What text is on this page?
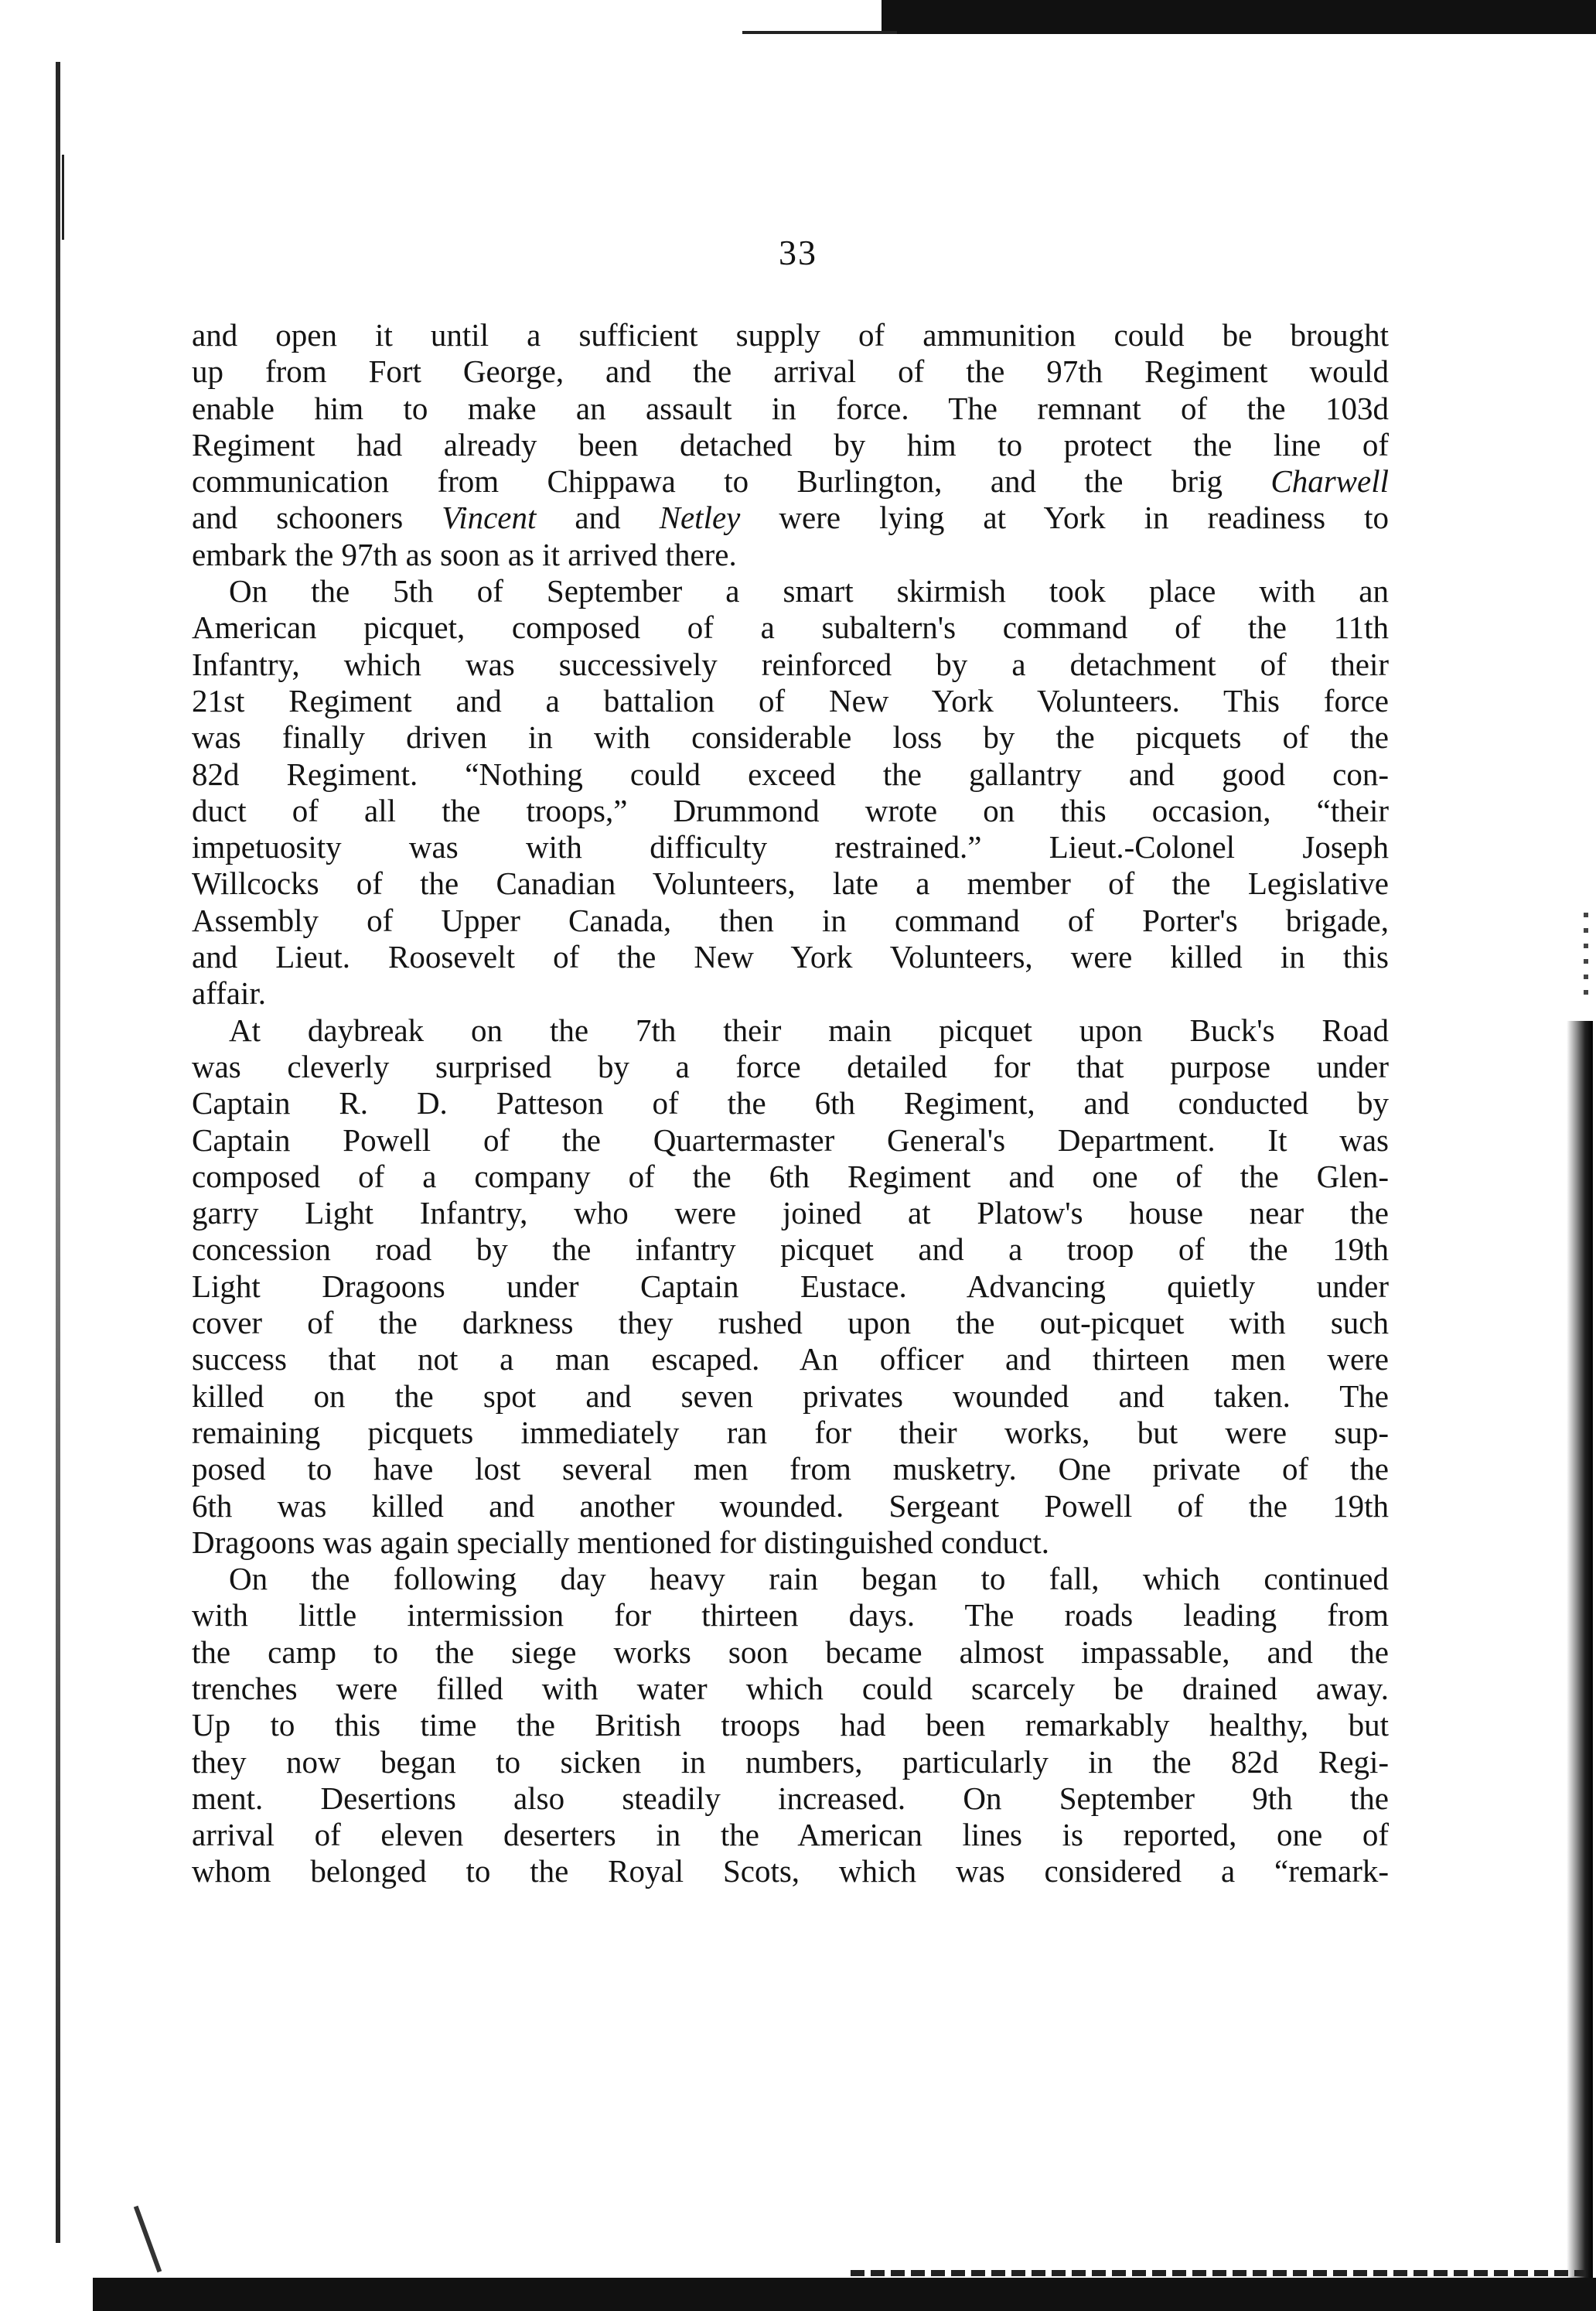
33
and open it until a sufficient supply of ammunition could be brought
up from Fort George, and the arrival of the 97th Regiment would
enable him to make an assault in force. The remnant of the 103d
Regiment had already been detached by him to protect the line of
communication from Chippawa to Burlington, and the brig Charwell
and schooners Vincent and Netley were lying at York in readiness to
embark the 97th as soon as it arrived there.
On the 5th of September a smart skirmish took place with an
American picquet, composed of a subaltern's command of the 11th
Infantry, which was successively reinforced by a detachment of their
21st Regiment and a battalion of New York Volunteers. This force
was finally driven in with considerable loss by the picquets of the
82d Regiment. “Nothing could exceed the gallantry and good con-
duct of all the troops,” Drummond wrote on this occasion, “their
impetuosity was with difficulty restrained.” Lieut.-Colonel Joseph
Willcocks of the Canadian Volunteers, late a member of the Legislative
Assembly of Upper Canada, then in command of Porter's brigade,
and Lieut. Roosevelt of the New York Volunteers, were killed in this
affair.
At daybreak on the 7th their main picquet upon Buck's Road
was cleverly surprised by a force detailed for that purpose under
Captain R. D. Patteson of the 6th Regiment, and conducted by
Captain Powell of the Quartermaster General's Department. It was
composed of a company of the 6th Regiment and one of the Glen-
garry Light Infantry, who were joined at Platow's house near the
concession road by the infantry picquet and a troop of the 19th
Light Dragoons under Captain Eustace. Advancing quietly under
cover of the darkness they rushed upon the out-picquet with such
success that not a man escaped. An officer and thirteen men were
killed on the spot and seven privates wounded and taken. The
remaining picquets immediately ran for their works, but were sup-
posed to have lost several men from musketry. One private of the
6th was killed and another wounded. Sergeant Powell of the 19th
Dragoons was again specially mentioned for distinguished conduct.
On the following day heavy rain began to fall, which continued
with little intermission for thirteen days. The roads leading from
the camp to the siege works soon became almost impassable, and the
trenches were filled with water which could scarcely be drained away.
Up to this time the British troops had been remarkably healthy, but
they now began to sicken in numbers, particularly in the 82d Regi-
ment. Desertions also steadily increased. On September 9th the
arrival of eleven deserters in the American lines is reported, one of
whom belonged to the Royal Scots, which was considered a “remark-
